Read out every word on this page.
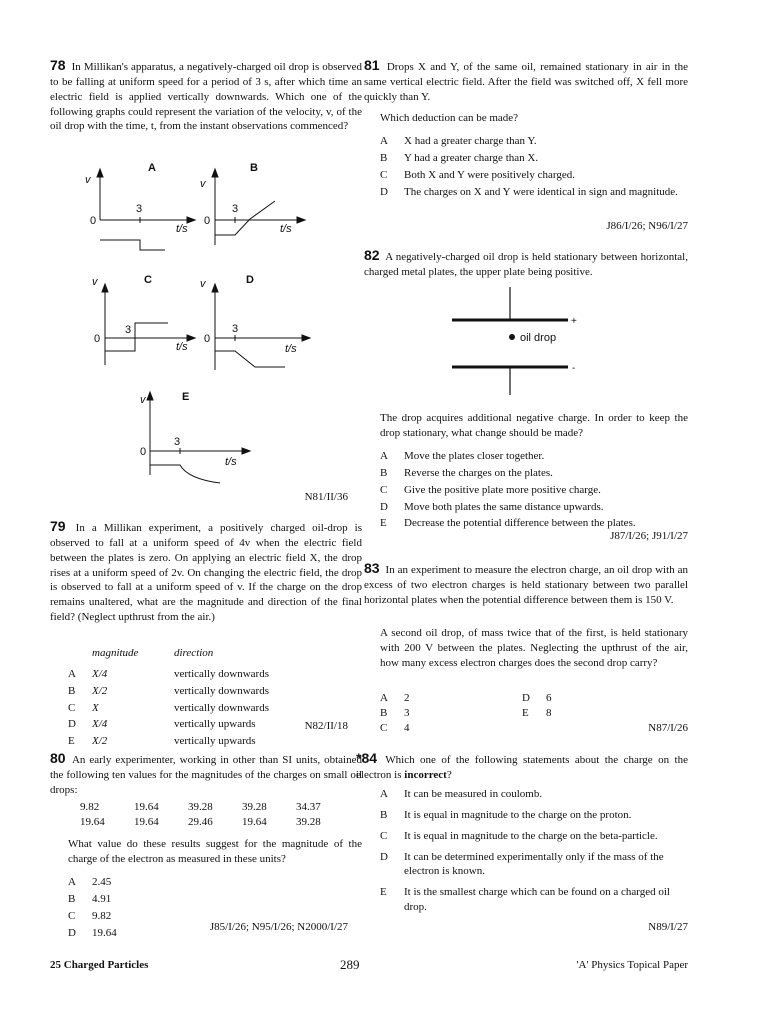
78 In Millikan's apparatus, a negatively-charged oil drop is observed to be falling at uniform speed for a period of 3 s, after which time an electric field is applied vertically downwards. Which one of the following graphs could represent the variation of the velocity, v, of the oil drop with the time, t, from the instant observations commenced?
A
v
0
3
t/s
B
v
0
3
t/s
C
v
0
3
t/s
D
v
0
3
t/s
E
v
0
3
t/s
N81/II/36
79 In a Millikan experiment, a positively charged oil-drop is observed to fall at a uniform speed of 4v when the electric field between the plates is zero. On applying an electric field X, the drop rises at a uniform speed of 2v. On changing the electric field, the drop is observed to fall at a uniform speed of v. If the charge on the drop remains unaltered, what are the magnitude and direction of the final field? (Neglect upthrust from the air.)
magnitude	direction
A	X/4	vertically downwards
B	X/2	vertically downwards
C	X	vertically downwards
D	X/4	vertically upwards
E	X/2	vertically upwards
N82/II/18
80 An early experimenter, working in other than SI units, obtained the following ten values for the magnitudes of the charges on small oil drops:
9.82	19.64	39.28	39.28	34.37
19.64	19.64	29.46	19.64	39.28
What value do these results suggest for the magnitude of the charge of the electron as measured in these units?
A	2.45
B	4.91
C	9.82
D	19.64	J85/I/26; N95/I/26; N2000/I/27
81 Drops X and Y, of the same oil, remained stationary in air in the same vertical electric field. After the field was switched off, X fell more quickly than Y.
Which deduction can be made?
A	X had a greater charge than Y.
B	Y had a greater charge than X.
C	Both X and Y were positively charged.
D	The charges on X and Y were identical in sign and magnitude.
J86/I/26; N96/I/27
82 A negatively-charged oil drop is held stationary between horizontal, charged metal plates, the upper plate being positive.
+
oil drop
-
The drop acquires additional negative charge. In order to keep the drop stationary, what change should be made?
A	Move the plates closer together.
B	Reverse the charges on the plates.
C	Give the positive plate more positive charge.
D	Move both plates the same distance upwards.
E	Decrease the potential difference between the plates.
J87/I/26; J91/I/27
83 In an experiment to measure the electron charge, an oil drop with an excess of two electron charges is held stationary between two parallel horizontal plates when the potential difference between them is 150 V.
A second oil drop, of mass twice that of the first, is held stationary with 200 V between the plates. Neglecting the upthrust of the air, how many excess electron charges does the second drop carry?
A	2
B	3
C	4
D	6
E	8
N87/I/26
*84 Which one of the following statements about the charge on the electron is incorrect?
A	It can be measured in coulomb.
B	It is equal in magnitude to the charge on the proton.
C	It is equal in magnitude to the charge on the beta-particle.
D	It can be determined experimentally only if the mass of the electron is known.
E	It is the smallest charge which can be found on a charged oil drop.
N89/I/27
25 Charged Particles	289	'A' Physics Topical Paper
